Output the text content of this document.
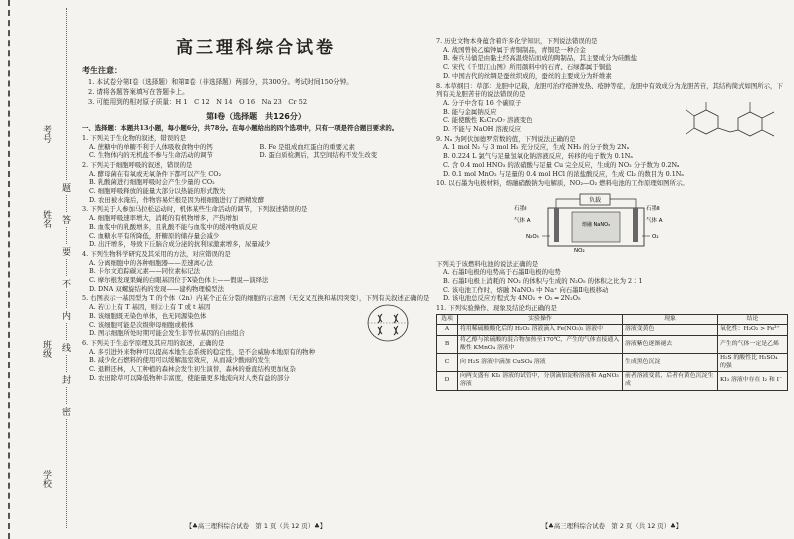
考号
姓名
班级
学校
题
答
要
不
内
线
封
密
高三理科综合试卷
考生注意：
1. 本试卷分第Ⅰ卷（选择题）和第Ⅱ卷（非选择题）两部分，共300分。考试时间150分钟。
2. 请将各题答案填写在答题卡上。
3. 可能用到的相对原子质量：H 1　C 12　N 14　O 16　Na 23　Cr 52
第Ⅰ卷（选择题　共126分）
一、选择题：本题共13小题，每小题6分，共78分。在每小题给出的四个选项中，只有一项是符合题目要求的。
1. 下列关于生化物的叙述，错误的是
A. 蔗糖中的单糖不利于人体吸收食物中的钙	B. Fe 是组成血红蛋白的重要元素
C. 生物体内的无机盐不参与生命活动的调节	D. 蛋白质检测后，其空间结构不发生改变
2. 下列关于细胞呼吸的叙述，错误的是
A. 酵母菌在有氧或无氧条件下都可以产生 CO₂
B. 乳酸菌进行细胞呼吸时会产生少量的 CO₂
C. 细胞呼吸释放的能量大部分以热能的形式散失
D. 农田被水淹后，作物容易烂根是因为根细胞进行了酒精发酵
3. 下列关于人参加马拉松运动时，机体某些生命活动的调节，下列叙述错误的是
A. 细胞呼吸速率增大，消耗的有机物增多，产热增加
B. 血浆中的乳酸增多，且乳酸不能与血浆中的缓冲物质反应
C. 血糖水平有所降低，肝糖原的储存量会减少
D. 出汗增多，导致下丘脑合成分泌的抗利尿激素增多，尿量减少
4. 下列生物科学研究及其采用的方法，对应错误的是
A. 分离细胞中的各种细胞器——差速离心法
B. 卡尔文追踪碳元素——同位素标记法
C. 摩尔根发现果蝇的白眼基因位于X染色体上——假说—演绎法
D. DNA 双螺旋结构的发现——建构物理模型法
5. 右图表示一基因型为 T 的个体（2n）内某个正在分裂的细胞的示意图（无交叉互换和基因突变），下列有关叙述正确的是
A. 若①上有 T 基因，则②上有 T 或 t 基因
B. 该细胞既无染色单体，也无同源染色体
C. 该细胞可能是次级卵母细胞或极体
D. 图示细胞所处时期可能会发生非等位基因的自由组合
6. 下列关于生态学原理及其应用的叙述，正确的是
A. 多引进外来物种可以提高本地生态系统的稳定性，是不会威胁本地原有的物种
B. 减少化石燃料的使用可以缓解温室效应，从而减少酸雨的发生
C. 退耕还林，人工种植的森林会发生初生演替，森林的垂直结构更加复杂
D. 农田除草可以降低物种丰富度，使能量更多地流向对人类有益的部分
【♣高三理科综合试卷　第 1 页（共 12 页）♣】
7. 历史文物本身蕴含着许多化学知识，下列说法错误的是
A. 战国曾侯乙编钟属于青铜制品，青铜是一种合金
B. 秦兵马俑是由黏土经高温烧结而成的陶制品，其主要成分为硅酸盐
C. 宋代《千里江山图》所用颜料中的石青、石绿都属于铜盐
D. 中国古代的丝绸是蚕丝织成的，蚕丝的主要成分为纤维素
8. 本草纲目：草部：龙胆中记载，龙胆可治疗疮肿发热、疮肿等症，龙胆中有效成分为龙胆苦苷，其结构简式如图所示，下列有关龙胆苦苷的说法错误的是
A. 分子中含有 16 个碳原子
B. 能与金属钠反应
C. 能使酸性 K₂Cr₂O₇ 溶液变色
D. 不能与 NaOH 溶液反应
9. Nₐ 为阿伏加德罗常数的值，下列说法正确的是
A. 1 mol N₂ 与 3 mol H₂ 充分反应，生成 NH₃ 的分子数为 2Nₐ
B. 0.224 L 氯气与足量氢氧化钠溶液反应，转移的电子数为 0.1Nₐ
C. 含 0.4 mol HNO₃ 的浓硝酸与足量 Cu 完全反应，生成的 NO₂ 分子数为 0.2Nₐ
D. 0.1 mol MnO₂ 与足量的 0.4 mol HCl 的浓盐酸反应，生成 Cl₂ 的数目为 0.1Nₐ
10. 以石墨为电极材料，熔融硝酸钠为电解质，NO₂—O₂ 燃料电池的工作原理如图所示。
负载
熔融 NaNO₃
石墨Ⅰ	石墨Ⅱ
气体 A	气体 A
N₂O₅	O₂
NO₂
下列关于该燃料电池的说法正确的是
A. 石墨Ⅰ电极的电势高于石墨Ⅱ电极的电势
B. 石墨Ⅰ电极上消耗的 NO₂ 的体积与生成的 N₂O₅ 的体积之比为 2∶1
C. 该电池工作时，熔融 NaNO₃ 中 Na⁺ 向石墨Ⅱ电极移动
D. 该电池总反应方程式为 4NO₂ + O₂ ═ 2N₂O₅
11. 下列实验操作、现象及结论均正确的是
选项	实验操作	现象	结论
A	将用稀硫酸酸化后的 H₂O₂ 溶液滴入 Fe(NO₃)₂ 溶液中	溶液变黄色	氧化性：H₂O₂ > Fe³⁺
B	将乙醇与浓硫酸的混合物加热至170℃，产生的气体直接通入酸性 KMnO₄ 溶液中	溶液紫色逐渐褪去	产生的气体一定是乙烯
C	向 H₂S 溶液中滴加 CuSO₄ 溶液	生成黑色沉淀	H₂S 的酸性比 H₂SO₄ 的强
D	向两支盛有 KI₃ 溶液的试管中，分别滴加淀粉溶液和 AgNO₃ 溶液	前者溶液变蓝，后者有黄色沉淀生成	KI₃ 溶液中存在 I₂ 和 I⁻
【♣高三理科综合试卷　第 2 页（共 12 页）♣】
